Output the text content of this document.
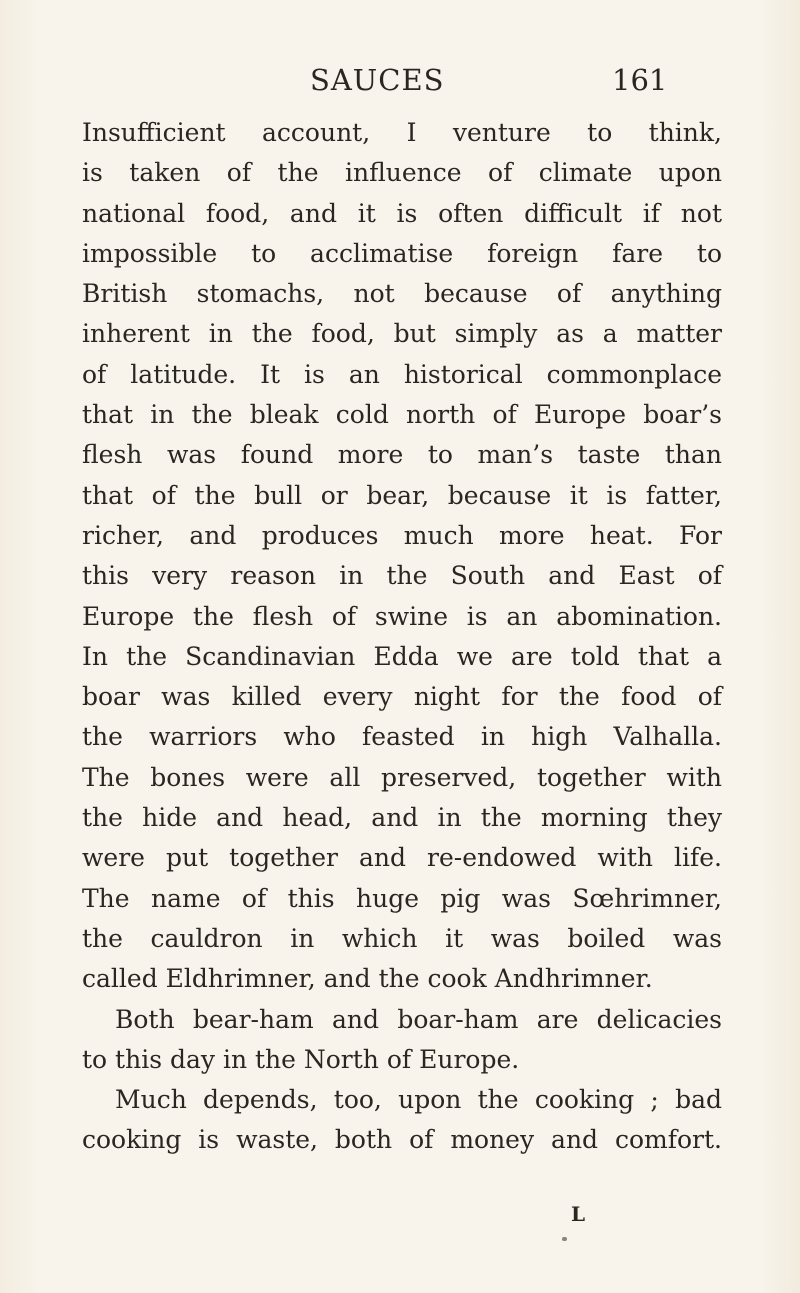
SAUCES	161
Insufficient account, I venture to think,
is taken of the influence of climate upon
national food, and it is often difficult if not
impossible to acclimatise foreign fare to
British stomachs, not because of anything
inherent in the food, but simply as a matter
of latitude. It is an historical commonplace
that in the bleak cold north of Europe boar’s
flesh was found more to man’s taste than
that of the bull or bear, because it is fatter,
richer, and produces much more heat. For
this very reason in the South and East of
Europe the flesh of swine is an abomination.
In the Scandinavian Edda we are told that a
boar was killed every night for the food of
the warriors who feasted in high Valhalla.
The bones were all preserved, together with
the hide and head, and in the morning they
were put together and re-endowed with life.
The name of this huge pig was Sœhrimner,
the cauldron in which it was boiled was
called Eldhrimner, and the cook Andhrimner.
Both bear-ham and boar-ham are delicacies
to this day in the North of Europe.
Much depends, too, upon the cooking ; bad
cooking is waste, both of money and comfort.
L
